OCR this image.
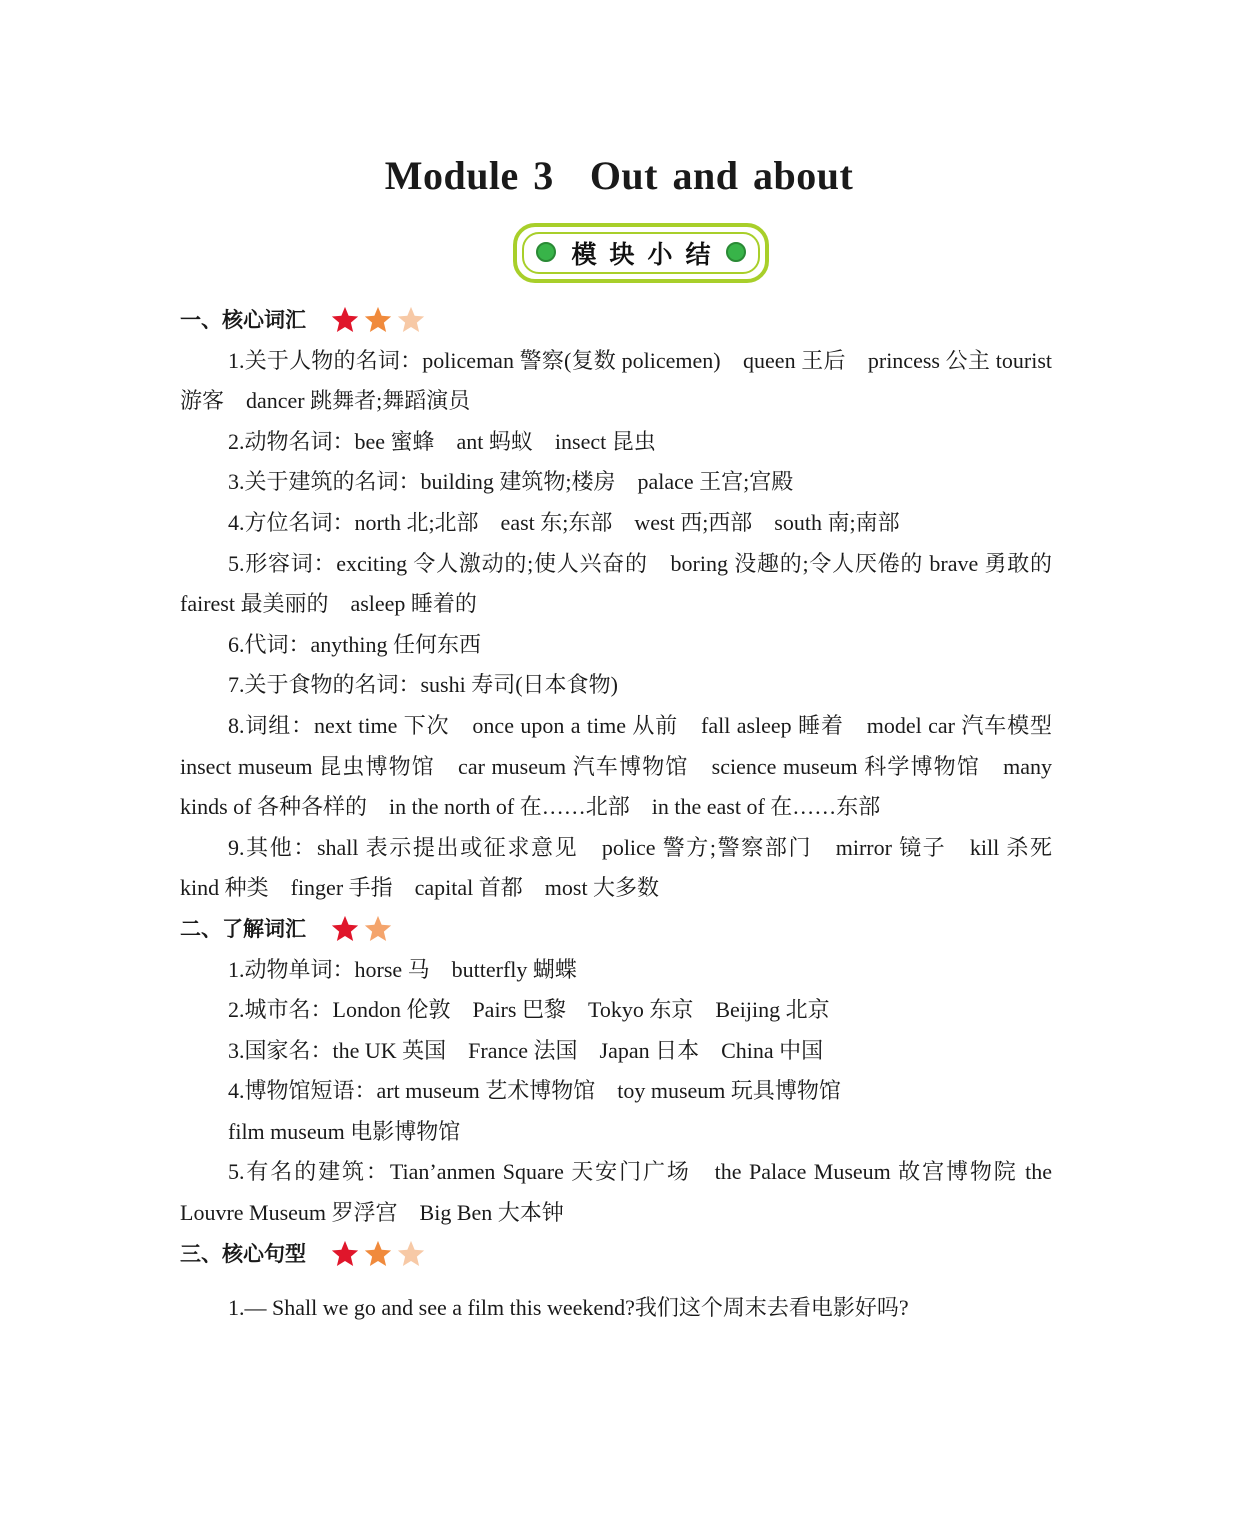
Module 3 Out and about
模块小结
一、核心词汇
1.关于人物的名词：policeman 警察(复数 policemen)　queen 王后　princess 公主 tourist 游客　dancer 跳舞者;舞蹈演员
2.动物名词：bee 蜜蜂　ant 蚂蚁　insect 昆虫
3.关于建筑的名词：building 建筑物;楼房　palace 王宫;宫殿
4.方位名词：north 北;北部　east 东;东部　west 西;西部　south 南;南部
5.形容词：exciting 令人激动的;使人兴奋的　boring 没趣的;令人厌倦的 brave 勇敢的　fairest 最美丽的　asleep 睡着的
6.代词：anything 任何东西
7.关于食物的名词：sushi 寿司(日本食物)
8.词组：next time 下次　once upon a time 从前　fall asleep 睡着　model car 汽车模型　insect museum 昆虫博物馆　car museum 汽车博物馆　science museum 科学博物馆　many kinds of 各种各样的　in the north of 在……北部　in the east of 在……东部
9.其他：shall 表示提出或征求意见　police 警方;警察部门　mirror 镜子　kill 杀死　kind 种类　finger 手指　capital 首都　most 大多数
二、了解词汇
1.动物单词：horse 马　butterfly 蝴蝶
2.城市名：London 伦敦　Pairs 巴黎　Tokyo 东京　Beijing 北京
3.国家名：the UK 英国　France 法国　Japan 日本　China 中国
4.博物馆短语：art museum 艺术博物馆　toy museum 玩具博物馆
film museum 电影博物馆
5.有名的建筑：Tian’anmen Square 天安门广场　the Palace Museum 故宫博物院 the Louvre Museum 罗浮宫　Big Ben 大本钟
三、核心句型
1.— Shall we go and see a film this weekend?我们这个周末去看电影好吗?
